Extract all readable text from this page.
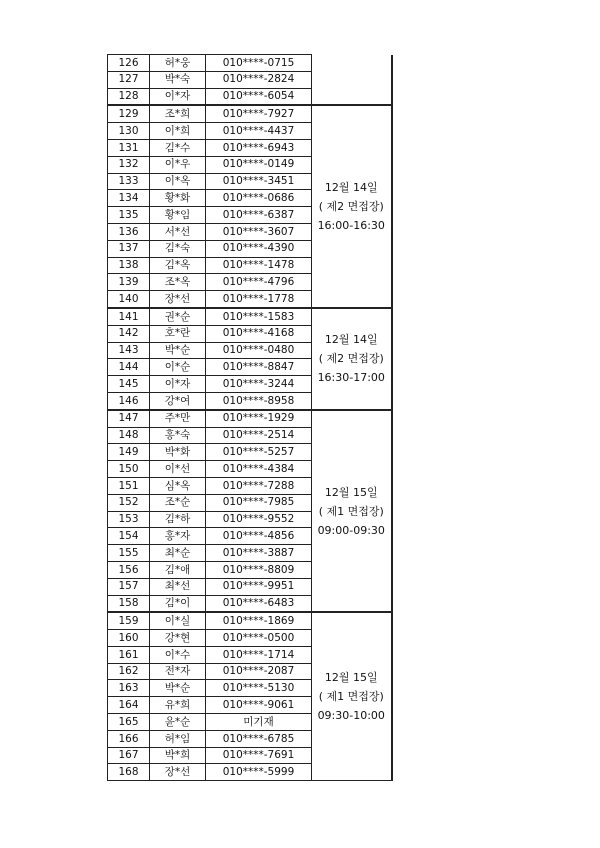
126	허*웅	010****-0715	
127	박*숙	010****-2824	
128	이*자	010****-6054	
129	조*희	010****-7927	12월 14일
( 제2 면접장)
16:00-16:30

130	이*희	010****-4437	
131	김*수	010****-6943	
132	이*우	010****-0149	
133	이*옥	010****-3451	
134	황*화	010****-0686	
135	황*임	010****-6387	
136	서*선	010****-3607	
137	김*숙	010****-4390	
138	김*옥	010****-1478	
139	조*옥	010****-4796	
140	장*선	010****-1778	
141	권*순	010****-1583	12월 14일
( 제2 면접장)
16:30-17:00

142	호*란	010****-4168	
143	박*순	010****-0480	
144	이*순	010****-8847	
145	이*자	010****-3244	
146	강*여	010****-8958	
147	주*만	010****-1929	12월 15일
( 제1 면접장)
09:00-09:30

148	홍*숙	010****-2514	
149	박*화	010****-5257	
150	이*선	010****-4384	
151	심*옥	010****-7288	
152	조*순	010****-7985	
153	김*하	010****-9552	
154	홍*자	010****-4856	
155	최*순	010****-3887	
156	김*애	010****-8809	
157	최*선	010****-9951	
158	김*이	010****-6483	
159	이*실	010****-1869	12월 15일
( 제1 면접장)
09:30-10:00

160	강*현	010****-0500	
161	이*수	010****-1714	
162	전*자	010****-2087	
163	박*순	010****-5130	
164	유*희	010****-9061	
165	윤*순	미기재	
166	허*임	010****-6785	
167	박*희	010****-7691	
168	장*선	010****-5999	
